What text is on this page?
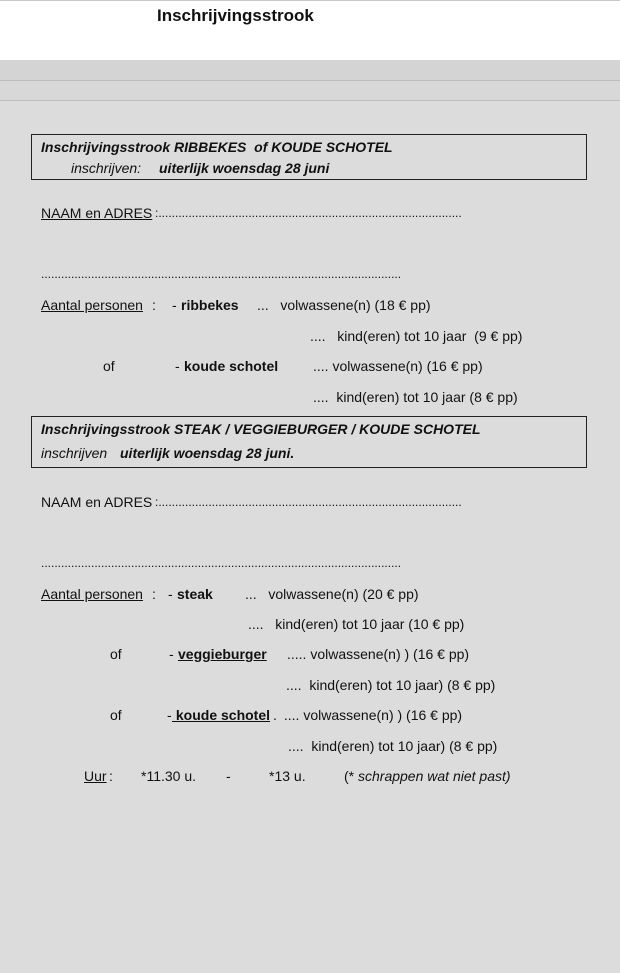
Inschrijvingsstrook
Inschrijvingsstrook RIBBEKES  of KOUDE SCHOTEL
inschrijven: uiterlijk woensdag 28 juni
NAAM en ADRES :...........................................................................................
............................................................................................................
Aantal personen : - ribbekes ...   volwassene(n) (18 € pp)
....   kind(eren) tot 10 jaar  (9 € pp)
of	- koude schotel .... volwassene(n) (16 € pp)
....  kind(eren) tot 10 jaar (8 € pp)
Inschrijvingsstrook STEAK / VEGGIEBURGER / KOUDE SCHOTEL
inschrijven uiterlijk woensdag 28 juni.
NAAM en ADRES :...........................................................................................
............................................................................................................
Aantal personen : - steak ...   volwassene(n) (20 € pp)
....   kind(eren) tot 10 jaar (10 € pp)
of	- veggieburger ..... volwassene(n) ) (16 € pp)
....  kind(eren) tot 10 jaar) (8 € pp)
of	- koude schotel . .... volwassene(n) ) (16 € pp)
....  kind(eren) tot 10 jaar) (8 € pp)
Uur : *11.30 u. -	*13 u.	(* schrappen wat niet past)
